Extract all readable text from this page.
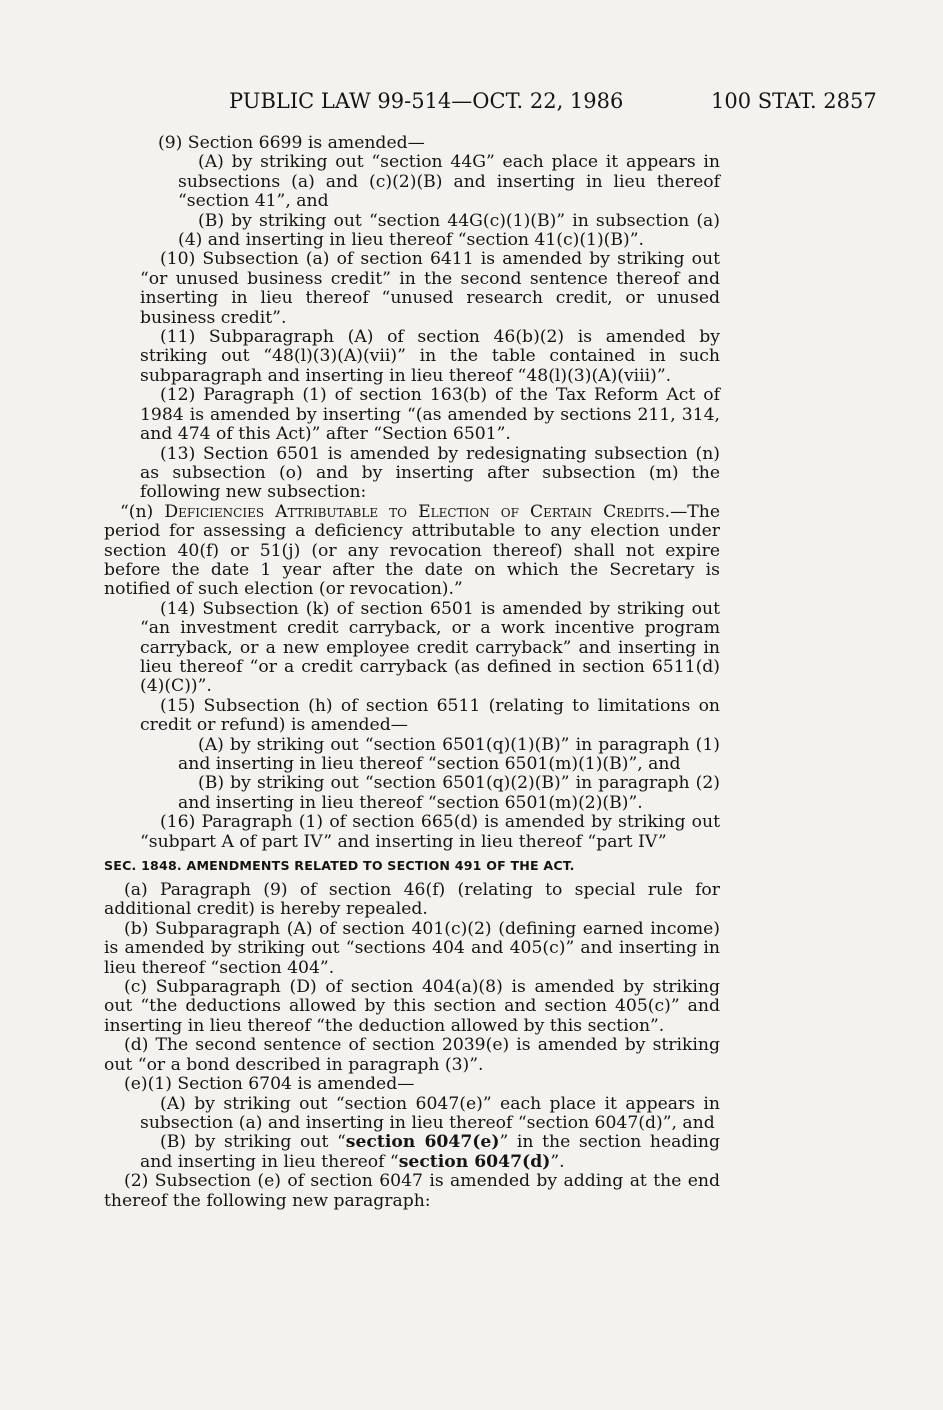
PUBLIC LAW 99-514—OCT. 22, 1986	100 STAT. 2857

(9) Section 6699 is amended—

(A) by striking out “section 44G” each place it appears in subsections (a) and (c)(2)(B) and inserting in lieu thereof “section 41”, and

(B) by striking out “section 44G(c)(1)(B)” in subsection (a)(4) and inserting in lieu thereof “section 41(c)(1)(B)”.

(10) Subsection (a) of section 6411 is amended by striking out “or unused business credit” in the second sentence thereof and inserting in lieu thereof “unused research credit, or unused business credit”.

(11) Subparagraph (A) of section 46(b)(2) is amended by striking out “48(l)(3)(A)(vii)” in the table contained in such subparagraph and inserting in lieu thereof “48(l)(3)(A)(viii)”.

(12) Paragraph (1) of section 163(b) of the Tax Reform Act of 1984 is amended by inserting “(as amended by sections 211, 314, and 474 of this Act)” after “Section 6501”.

(13) Section 6501 is amended by redesignating subsection (n) as subsection (o) and by inserting after subsection (m) the following new subsection:

“(n) Deficiencies Attributable to Election of Certain Credits.—The period for assessing a deficiency attributable to any election under section 40(f) or 51(j) (or any revocation thereof) shall not expire before the date 1 year after the date on which the Secretary is notified of such election (or revocation).”

(14) Subsection (k) of section 6501 is amended by striking out “an investment credit carryback, or a work incentive program carryback, or a new employee credit carryback” and inserting in lieu thereof “or a credit carryback (as defined in section 6511(d)(4)(C))”.

(15) Subsection (h) of section 6511 (relating to limitations on credit or refund) is amended—

(A) by striking out “section 6501(q)(1)(B)” in paragraph (1) and inserting in lieu thereof “section 6501(m)(1)(B)”, and

(B) by striking out “section 6501(q)(2)(B)” in paragraph (2) and inserting in lieu thereof “section 6501(m)(2)(B)”.

(16) Paragraph (1) of section 665(d) is amended by striking out “subpart A of part IV” and inserting in lieu thereof “part IV”

SEC. 1848. AMENDMENTS RELATED TO SECTION 491 OF THE ACT.

(a) Paragraph (9) of section 46(f) (relating to special rule for additional credit) is hereby repealed.

(b) Subparagraph (A) of section 401(c)(2) (defining earned income) is amended by striking out “sections 404 and 405(c)” and inserting in lieu thereof “section 404”.

(c) Subparagraph (D) of section 404(a)(8) is amended by striking out “the deductions allowed by this section and section 405(c)” and inserting in lieu thereof “the deduction allowed by this section”.

(d) The second sentence of section 2039(e) is amended by striking out “or a bond described in paragraph (3)”.

(e)(1) Section 6704 is amended—

(A) by striking out “section 6047(e)” each place it appears in subsection (a) and inserting in lieu thereof “section 6047(d)”, and

(B) by striking out “section 6047(e)” in the section heading and inserting in lieu thereof “section 6047(d)”.

(2) Subsection (e) of section 6047 is amended by adding at the end thereof the following new paragraph:
